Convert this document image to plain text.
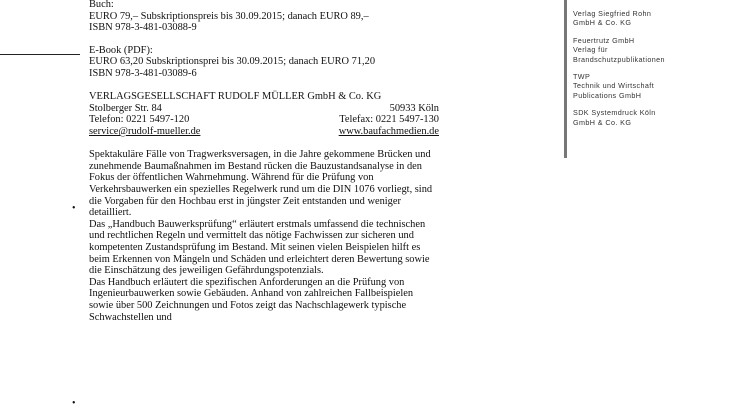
•
•

Buch:

EURO 79,– Subskriptionspreis bis 30.09.2015; danach EURO 89,–

ISBN 978-3-481-03088-9

E-Book (PDF):

EURO 63,20 Subskriptionsprei bis 30.09.2015; danach EURO 71,20

ISBN 978-3-481-03089-6

VERLAGSGESELLSCHAFT RUDOLF MÜLLER GmbH & Co. KG

Stolberger Str. 84	50933 Köln
Telefon: 0221 5497-120	Telefax: 0221 5497-130
service@rudolf-mueller.de	www.baufachmedien.de

Spektakuläre Fälle von Tragwerksversagen, in die Jahre gekommene Brücken und zunehmende Baumaßnahmen im Bestand rücken die Bauzustandsanalyse in den Fokus der öffentlichen Wahrnehmung. Während für die Prüfung von Verkehrsbauwerken ein spezielles Regelwerk rund um die DIN 1076 vorliegt, sind die Vorgaben für den Hochbau erst in jüngster Zeit entstanden und weniger detailliert.

Das „Handbuch Bauwerksprüfung“ erläutert erstmals umfassend die technischen und rechtlichen Regeln und vermittelt das nötige Fachwissen zur sicheren und kompetenten Zustandsprüfung im Bestand. Mit seinen vielen Beispielen hilft es beim Erkennen von Mängeln und Schäden und erleichtert deren Bewertung sowie die Einschätzung des jeweiligen Gefährdungspotenzials.

Das Handbuch erläutert die spezifischen Anforderungen an die Prüfung von Ingenieurbauwerken sowie Gebäuden. Anhand von zahlreichen Fallbeispielen sowie über 500 Zeichnungen und Fotos zeigt das Nachschlagewerk typische Schwachstellen und

Verlag Siegfried Rohn
GmbH & Co. KG
Feuertrutz GmbH
Verlag für
Brandschutzpublikationen
TWP
Technik und Wirtschaft
Publications GmbH
SDK Systemdruck Köln
GmbH & Co. KG
